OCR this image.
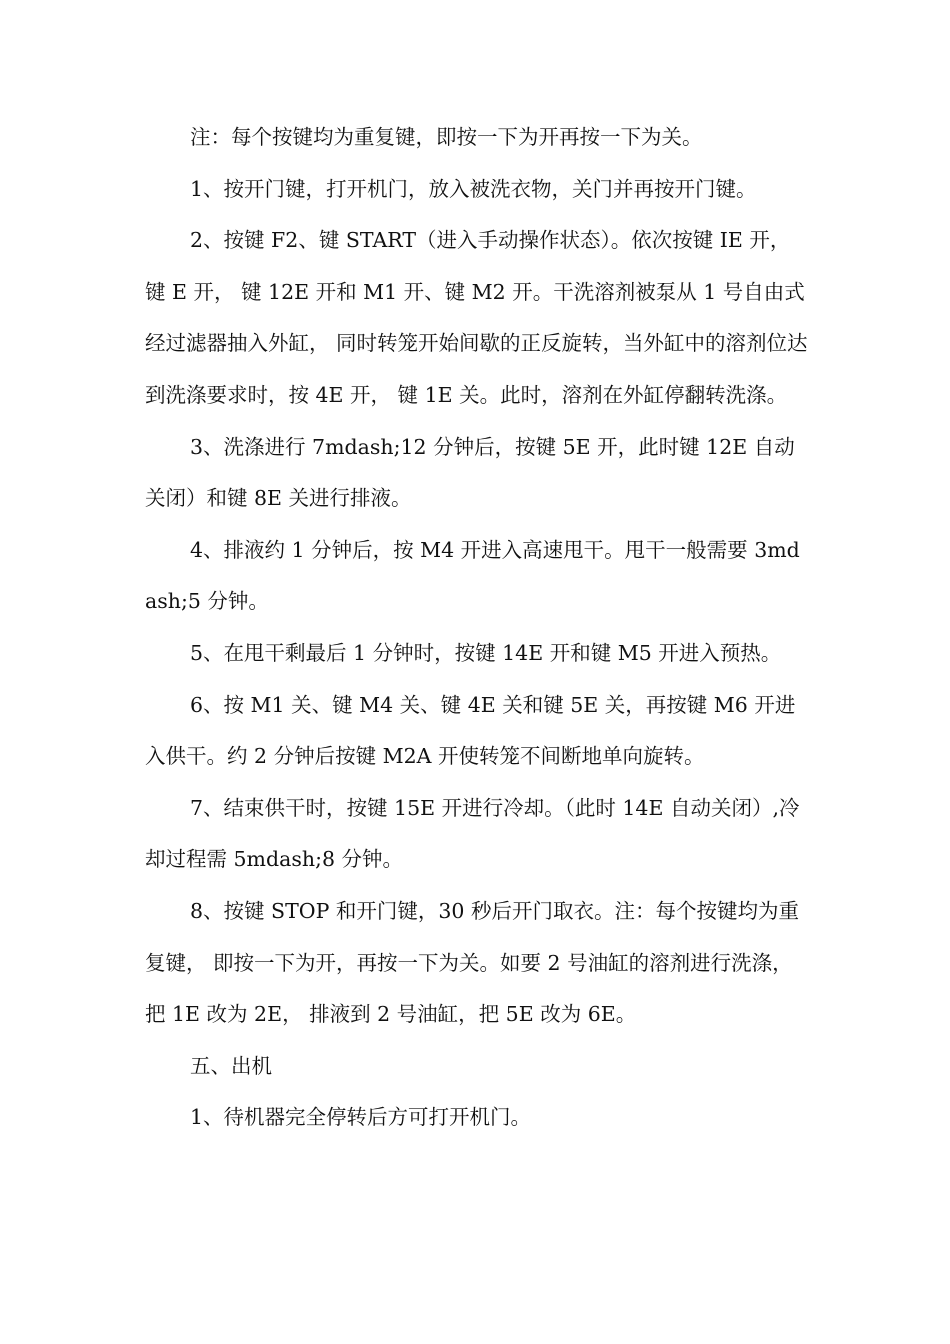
注：每个按键均为重复键，即按一下为开再按一下为关。

1、按开门键，打开机门，放入被洗衣物，关门并再按开门键。

2、按键 F2、键 START（进入手动操作状态）。依次按键 IE 开，键 E 开， 键 12E 开和 M1 开、键 M2 开。干洗溶剂被泵从 1 号自由式经过滤器抽入外缸， 同时转笼开始间歇的正反旋转，当外缸中的溶剂位达到洗涤要求时，按 4E 开， 键 1E 关。此时，溶剂在外缸停翻转洗涤。

3、洗涤进行 7mdash;12 分钟后，按键 5E 开，此时键 12E 自动关闭）和键 8E 关进行排液。

4、排液约 1 分钟后，按 M4 开进入高速甩干。甩干一般需要 3mdash;5 分钟。

5、在甩干剩最后 1 分钟时，按键 14E 开和键 M5 开进入预热。

6、按 M1 关、键 M4 关、键 4E 关和键 5E 关，再按键 M6 开进入供干。约 2 分钟后按键 M2A 开使转笼不间断地单向旋转。

7、结束供干时，按键 15E 开进行冷却。（此时 14E 自动关闭）,冷却过程需 5mdash;8 分钟。

8、按键 STOP 和开门键，30 秒后开门取衣。注：每个按键均为重复键， 即按一下为开，再按一下为关。如要 2 号油缸的溶剂进行洗涤，把 1E 改为 2E， 排液到 2 号油缸，把 5E 改为 6E。

五、出机

1、待机器完全停转后方可打开机门。
